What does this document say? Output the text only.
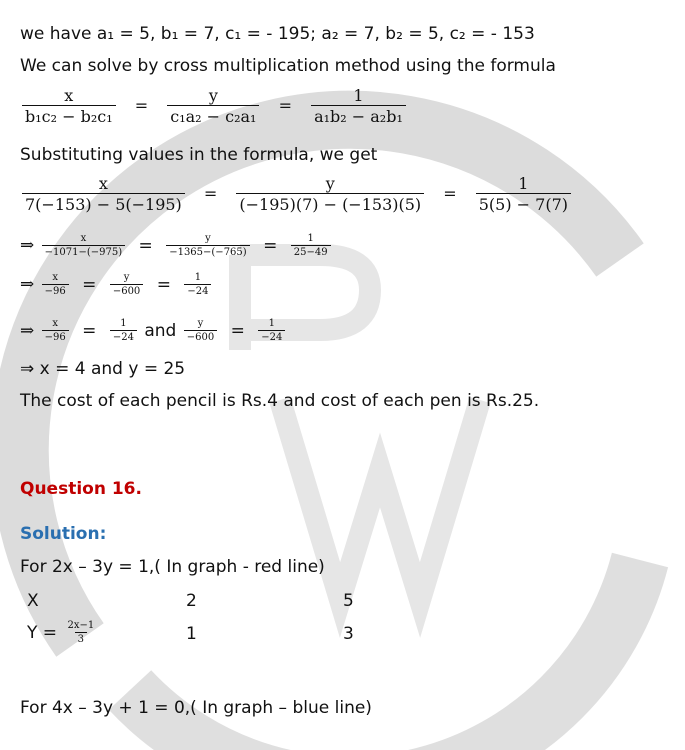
we have a₁ = 5, b₁ = 7, c₁ = - 195; a₂ = 7, b₂ = 5, c₂ = - 153
We can solve by cross multiplication method using the formula
$\frac{x}{\text{b₁c₂ − b₂c₁}} = \frac{y}{\text{c₁a₂ − c₂a₁}} = \frac{1}{\text{a₁b₂ − a₂b₁}}$
Substituting values in the formula, we get
$\frac{x}{7(-153) - 5(-195)} = \frac{y}{(-195)(7) - (-153)(5)} = \frac{1}{5(5) - 7(7)}$
⇒ $\frac{x}{-1071-(-975)} = \frac{y}{-1365-(-765)} = \frac{1}{25-49}$
⇒ $\frac{x}{-96} = \frac{y}{-600} = \frac{1}{-24}$
⇒ $\frac{x}{-96} = \frac{1}{-24}$ and $\frac{y}{-600} = \frac{1}{-24}$
⇒ x = 4 and y = 25
The cost of each pencil is Rs.4 and cost of each pen is Rs.25.
Question 16.
Solution:
For 2x – 3y = 1,( In graph - red line)
X	2	5
$Y = \frac{2x-1}{3}$	1	3
For 4x – 3y + 1 = 0,( In graph – blue line)
